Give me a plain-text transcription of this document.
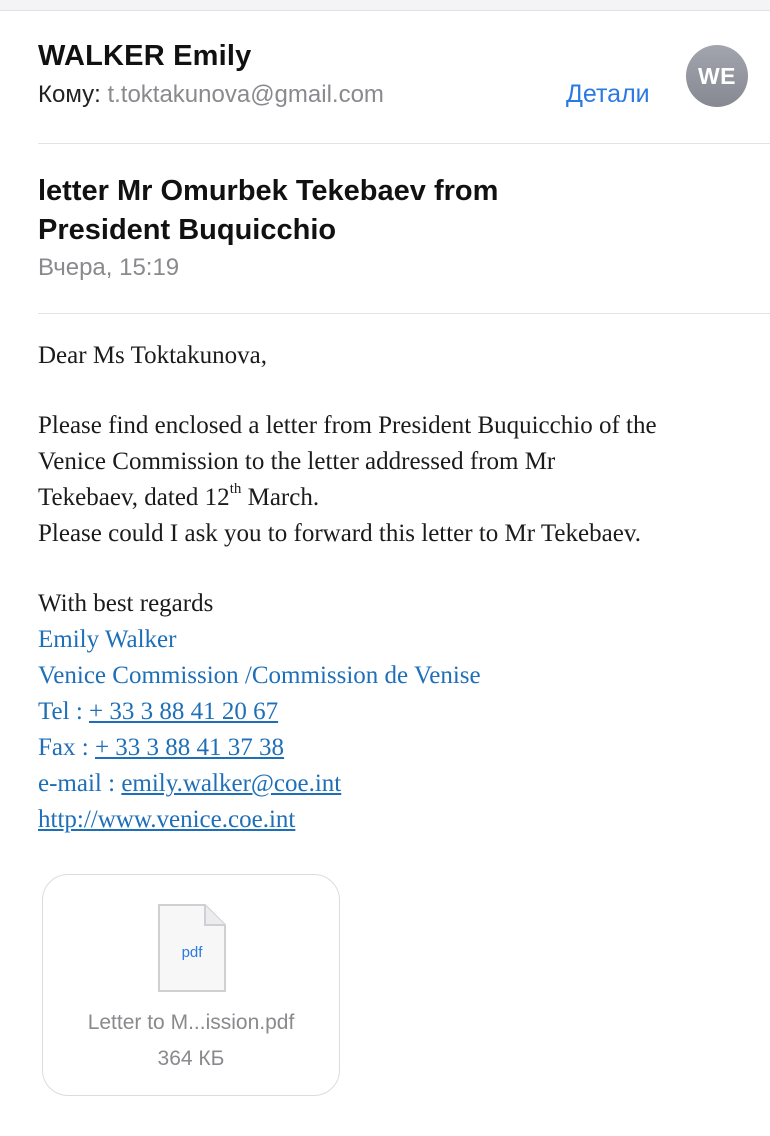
WALKER Emily
Кому: t.toktakunova@gmail.com	Детали
WE
letter Mr Omurbek Tekebaev from
President Buquicchio
Вчера, 15:19

Dear Ms Toktakunova,

Please find enclosed a letter from President Buquicchio of the

Venice Commission to the letter addressed from Mr

Tekebaev, dated 12th March.

Please could I ask you to forward this letter to Mr Tekebaev.

With best regards

Emily Walker

Venice Commission /Commission de Venise

Tel : + 33 3 88 41 20 67

Fax : + 33 3 88 41 37 38

e-mail : emily.walker@coe.int

http://www.venice.coe.int

pdf
Letter to M...ission.pdf
364 КБ
